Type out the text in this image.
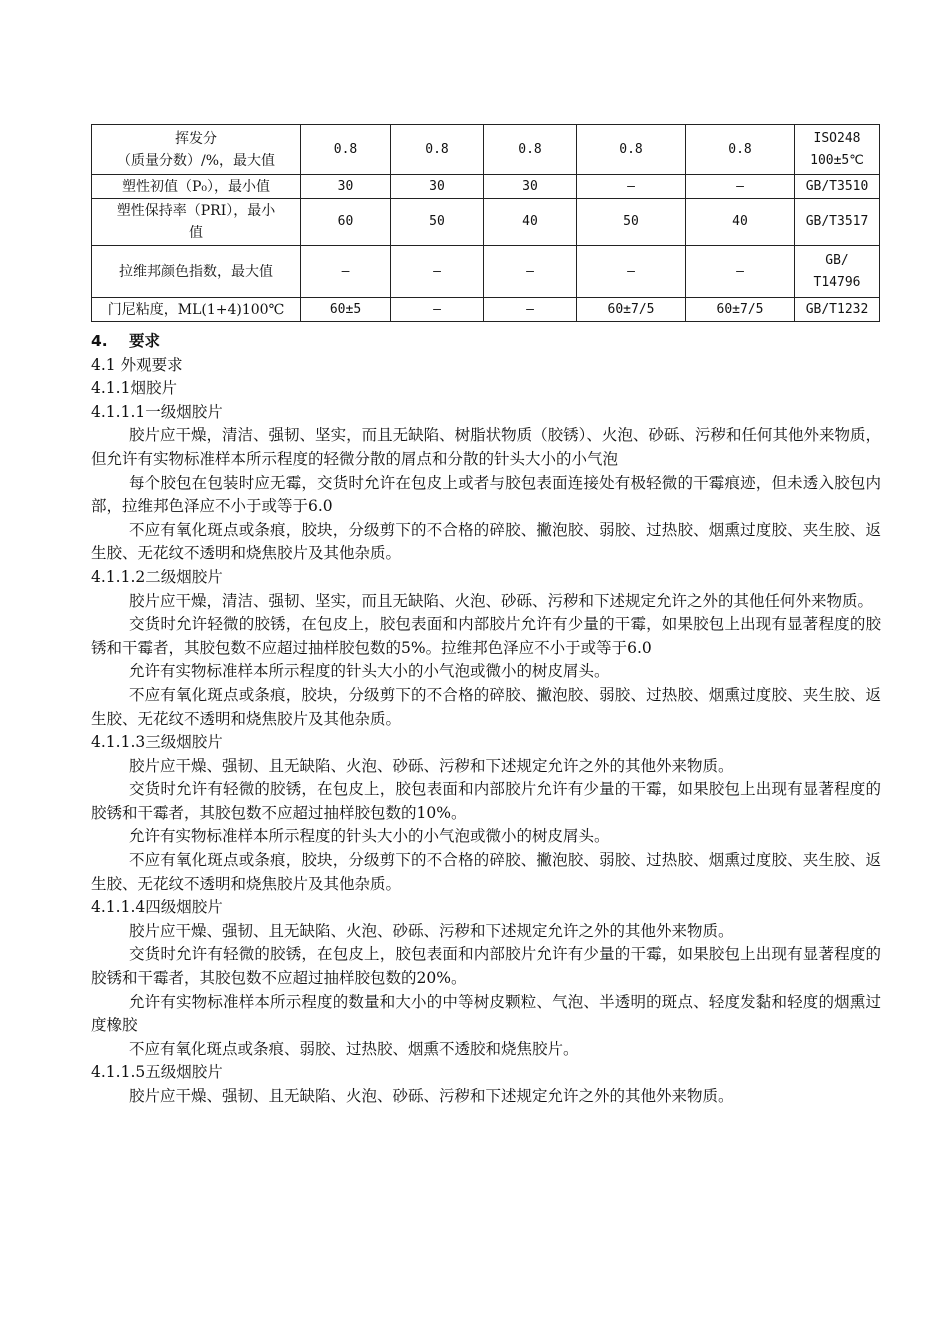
挥发分
（质量分数）/%，最大值	0.8	0.8	0.8	0.8	0.8	ISO248
100±5℃

塑性初值（P₀），最小值	30	30	30	—	—	GB/T3510

塑性保持率（PRI），最小
值	60	50	40	50	40	GB/T3517

拉维邦颜色指数，最大值	—	—	—	—	—	GB/
T14796

门尼粘度，ML(1+4)100℃	60±5	—	—	60±7/5	60±7/5	GB/T1232

4. 要求

4.1 外观要求

4.1.1烟胶片

4.1.1.1一级烟胶片

胶片应干燥，清洁、强韧、坚实，而且无缺陷、树脂状物质（胶锈）、火泡、砂砾、污秽和任何其他外来物质，但允许有实物标准样本所示程度的轻微分散的屑点和分散的针头大小的小气泡

每个胶包在包装时应无霉，交货时允许在包皮上或者与胶包表面连接处有极轻微的干霉痕迹，但未透入胶包内部，拉维邦色泽应不小于或等于6.0

不应有氧化斑点或条痕，胶块，分级剪下的不合格的碎胶、撇泡胶、弱胶、过热胶、烟熏过度胶、夹生胶、返生胶、无花纹不透明和烧焦胶片及其他杂质。

4.1.1.2二级烟胶片

胶片应干燥，清洁、强韧、坚实，而且无缺陷、火泡、砂砾、污秽和下述规定允许之外的其他任何外来物质。

交货时允许轻微的胶锈，在包皮上，胶包表面和内部胶片允许有少量的干霉，如果胶包上出现有显著程度的胶锈和干霉者，其胶包数不应超过抽样胶包数的5%。拉维邦色泽应不小于或等于6.0

允许有实物标准样本所示程度的针头大小的小气泡或微小的树皮屑头。

不应有氧化斑点或条痕，胶块，分级剪下的不合格的碎胶、撇泡胶、弱胶、过热胶、烟熏过度胶、夹生胶、返生胶、无花纹不透明和烧焦胶片及其他杂质。

4.1.1.3三级烟胶片

胶片应干燥、强韧、且无缺陷、火泡、砂砾、污秽和下述规定允许之外的其他外来物质。

交货时允许有轻微的胶锈，在包皮上，胶包表面和内部胶片允许有少量的干霉，如果胶包上出现有显著程度的胶锈和干霉者，其胶包数不应超过抽样胶包数的10%。

允许有实物标准样本所示程度的针头大小的小气泡或微小的树皮屑头。

不应有氧化斑点或条痕，胶块，分级剪下的不合格的碎胶、撇泡胶、弱胶、过热胶、烟熏过度胶、夹生胶、返生胶、无花纹不透明和烧焦胶片及其他杂质。

4.1.1.4四级烟胶片

胶片应干燥、强韧、且无缺陷、火泡、砂砾、污秽和下述规定允许之外的其他外来物质。

交货时允许有轻微的胶锈，在包皮上，胶包表面和内部胶片允许有少量的干霉，如果胶包上出现有显著程度的胶锈和干霉者，其胶包数不应超过抽样胶包数的20%。

允许有实物标准样本所示程度的数量和大小的中等树皮颗粒、气泡、半透明的斑点、轻度发黏和轻度的烟熏过度橡胶

不应有氧化斑点或条痕、弱胶、过热胶、烟熏不透胶和烧焦胶片。

4.1.1.5五级烟胶片

胶片应干燥、强韧、且无缺陷、火泡、砂砾、污秽和下述规定允许之外的其他外来物质。
